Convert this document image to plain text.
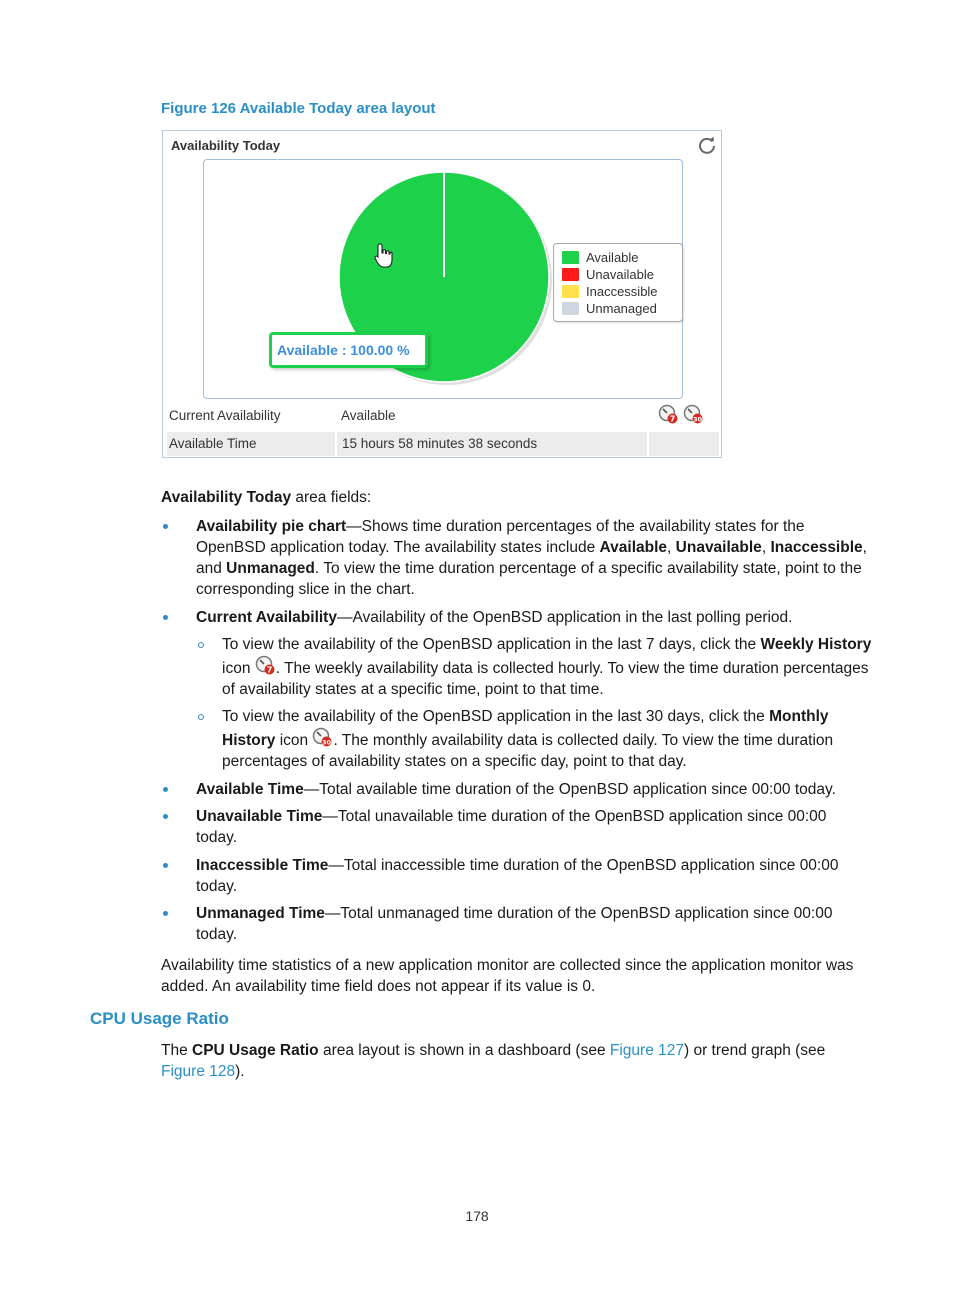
Figure 126 Available Today area layout
Availability Today
Available
Unavailable
Inaccessible
Unmanaged
Available : 100.00 %
Current Availability	Available	7	30
Available Time	15 hours 58 minutes 38 seconds
Availability Today area fields:
Availability pie chart—Shows time duration percentages of the availability states for the OpenBSD application today. The availability states include Available, Unavailable, Inaccessible, and Unmanaged. To view the time duration percentage of a specific availability state, point to the corresponding slice in the chart.
Current Availability—Availability of the OpenBSD application in the last polling period.
To view the availability of the OpenBSD application in the last 7 days, click the Weekly History icon 7 . The weekly availability data is collected hourly. To view the time duration percentages of availability states at a specific time, point to that time.
To view the availability of the OpenBSD application in the last 30 days, click the Monthly History icon 30 . The monthly availability data is collected daily. To view the time duration percentages of availability states on a specific day, point to that day.
Available Time—Total available time duration of the OpenBSD application since 00:00 today.
Unavailable Time—Total unavailable time duration of the OpenBSD application since 00:00 today.
Inaccessible Time—Total inaccessible time duration of the OpenBSD application since 00:00 today.
Unmanaged Time—Total unmanaged time duration of the OpenBSD application since 00:00 today.
Availability time statistics of a new application monitor are collected since the application monitor was added. An availability time field does not appear if its value is 0.
CPU Usage Ratio
The CPU Usage Ratio area layout is shown in a dashboard (see Figure 127) or trend graph (see Figure 128).
178
